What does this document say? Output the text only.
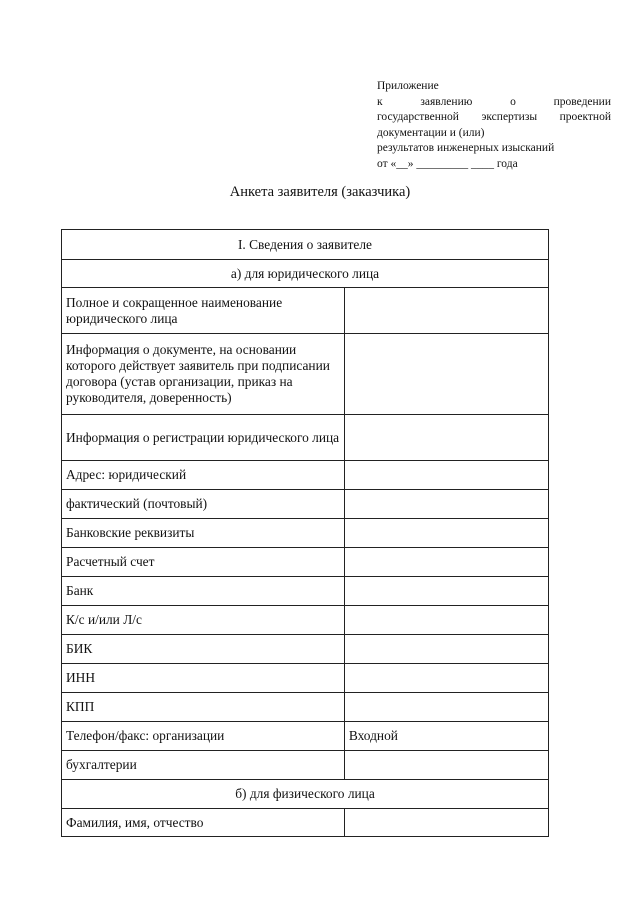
Приложение
к заявлению о проведении
государственной экспертизы проектной
документации и (или)
результатов инженерных изысканий
от «__» _________ ____ года
Анкета заявителя (заказчика)
I. Сведения о заявителе	
а) для юридического лица	
Полное и сокращенное наименование юридического лица	
Информация о документе, на основании которого действует заявитель при подписании договора (устав организации, приказ на руководителя, доверенность)	
Информация о регистрации юридического лица	
Адрес: юридический	
фактический (почтовый)	
Банковские реквизиты	
Расчетный счет	
Банк	
К/с и/или Л/с	
БИК	
ИНН	
КПП	
Телефон/факс: организации	Входной
бухгалтерии	
б) для физического лица	
Фамилия, имя, отчество	
